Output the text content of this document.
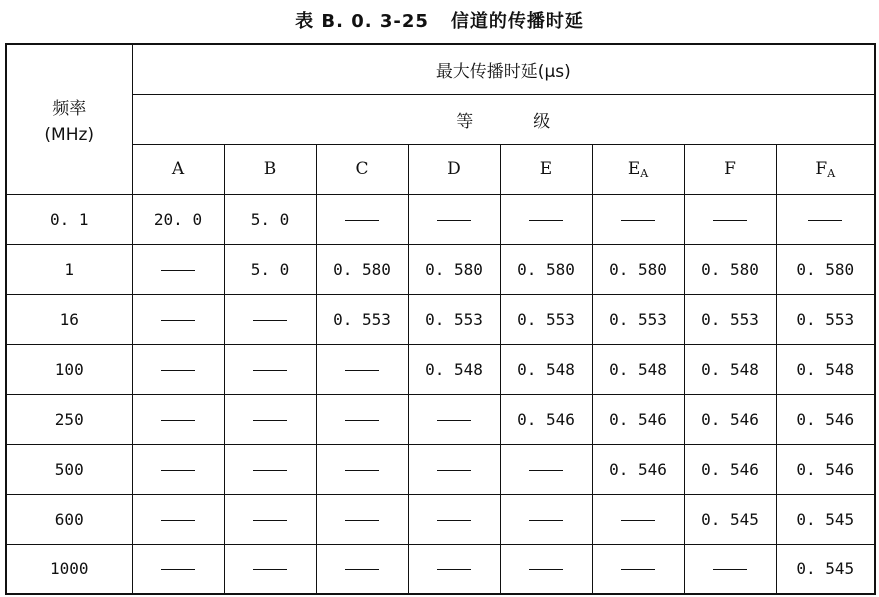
表 B. 0. 3-25 信道的传播时延
频率
(MHz)	最大传播时延(μs)							
	等 级							
	A	B	C	D	E	$E_A$	F	$F_A$
0. 1	20. 0	5. 0						
1		5. 0	0. 580	0. 580	0. 580	0. 580	0. 580	0. 580
16			0. 553	0. 553	0. 553	0. 553	0. 553	0. 553
100				0. 548	0. 548	0. 548	0. 548	0. 548
250					0. 546	0. 546	0. 546	0. 546
500						0. 546	0. 546	0. 546
600							0. 545	0. 545
1000								0. 545
